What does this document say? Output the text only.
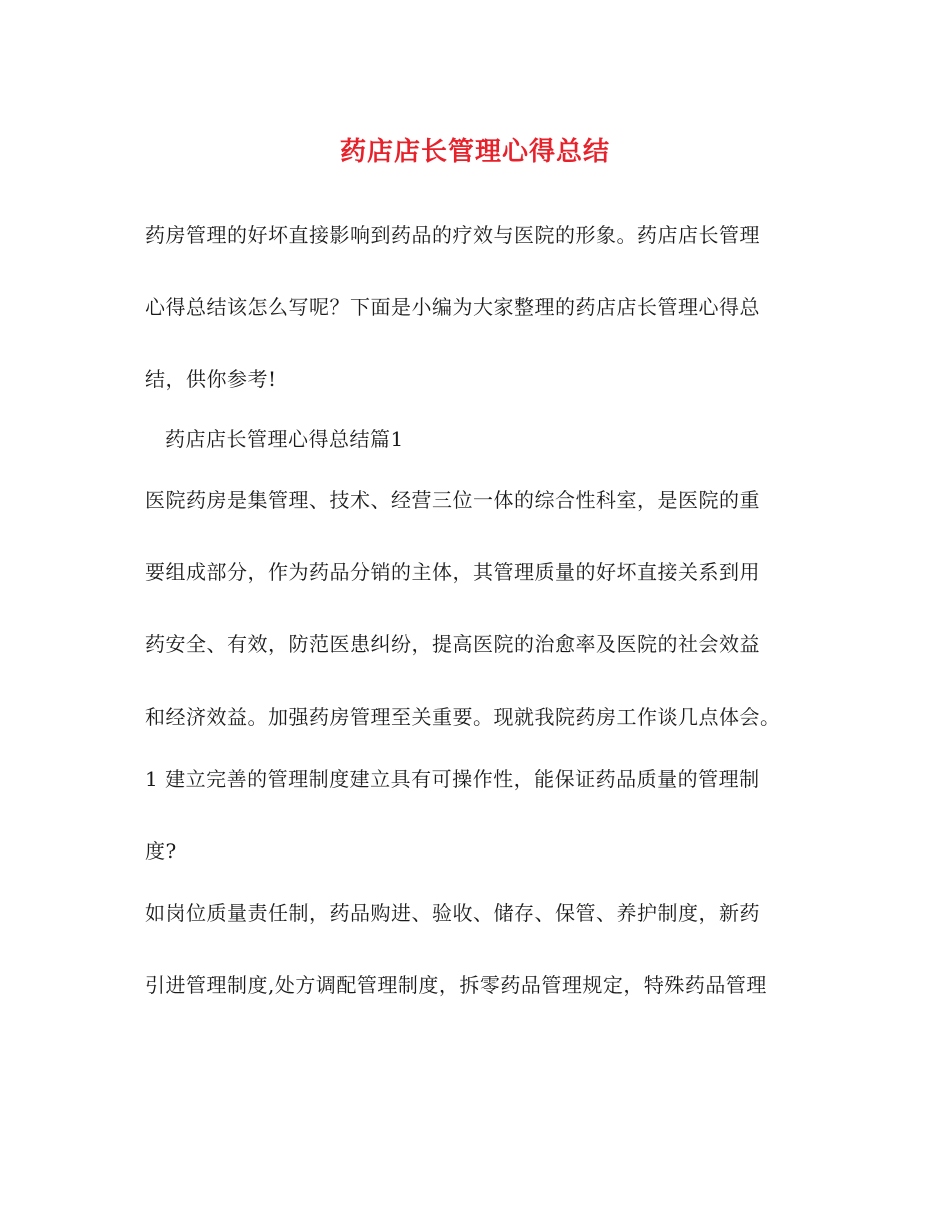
药店店长管理心得总结
药房管理的好坏直接影响到药品的疗效与医院的形象。药店店长管理
心得总结该怎么写呢？下面是小编为大家整理的药店店长管理心得总
结，供你参考!
药店店长管理心得总结篇1
医院药房是集管理、技术、经营三位一体的综合性科室，是医院的重
要组成部分，作为药品分销的主体，其管理质量的好坏直接关系到用
药安全、有效，防范医患纠纷，提高医院的治愈率及医院的社会效益
和经济效益。加强药房管理至关重要。现就我院药房工作谈几点体会。
1 建立完善的管理制度建立具有可操作性，能保证药品质量的管理制
度?
如岗位质量责任制，药品购进、验收、储存、保管、养护制度，新药
引进管理制度,处方调配管理制度，拆零药品管理规定，特殊药品管理
